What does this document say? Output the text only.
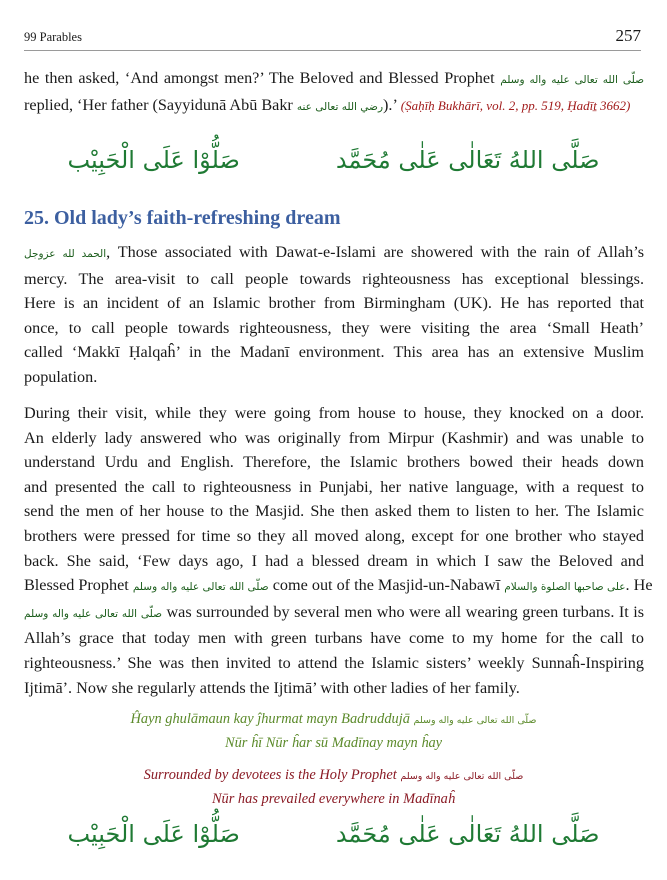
99 Parables	257

he then asked, ‘And amongst men?’ The Beloved and Blessed Prophet صلّى الله تعالى عليه واله وسلم
replied, ‘Her father (Sayyidunā Abū Bakr رضي الله تعالى عنه).’ (Ṣaḥīḥ Bukhārī, vol. 2, pp. 519, Ḥadīṯ 3662)

صَلَّى اللهُ تَعَالٰى عَلٰى مُحَمَّدصَلُّوْا عَلَى الْحَبِيْب
25. Old lady’s faith-refreshing dream

الحمد لله عزوجل, Those associated with Dawat-e-Islami are showered with the rain of Allah’s
mercy. The area-visit to call people towards righteousness has exceptional blessings.
Here is an incident of an Islamic brother from Birmingham (UK). He has reported that
once, to call people towards righteousness, they were visiting the area ‘Small Heath’
called ‘Makkī Ḥalqaĥ’ in the Madanī environment. This area has an extensive Muslim
population.

During their visit, while they were going from house to house, they knocked on a door.
An elderly lady answered who was originally from Mirpur (Kashmir) and was unable to
understand Urdu and English. Therefore, the Islamic brothers bowed their heads down
and presented the call to righteousness in Punjabi, her native language, with a request to
send the men of her house to the Masjid. She then asked them to listen to her. The Islamic
brothers were pressed for time so they all moved along, except for one brother who stayed
back. She said, ‘Few days ago, I had a blessed dream in which I saw the Beloved and
Blessed Prophet صلّى الله تعالى عليه واله وسلم come out of the Masjid-un-Nabawī على صاحبها الصلوة والسلام. He
صلّى الله تعالى عليه واله وسلم was surrounded by several men who were all wearing green turbans. It is
Allah’s grace that today men with green turbans have come to my home for the call to
righteousness.’ She was then invited to attend the Islamic sisters’ weekly Sunnaĥ-Inspiring
Ijtimā’. Now she regularly attends the Ijtimā’ with other ladies of her family.

Ĥayn ghulāmaun kay ĵhurmat mayn Badruddujā صلّى الله تعالى عليه واله وسلم
Nūr ĥī Nūr ĥar sū Madīnay mayn ĥay
Surrounded by devotees is the Holy Prophet صلّى الله تعالى عليه واله وسلم
Nūr has prevailed everywhere in Madīnaĥ
صَلَّى اللهُ تَعَالٰى عَلٰى مُحَمَّدصَلُّوْا عَلَى الْحَبِيْب
